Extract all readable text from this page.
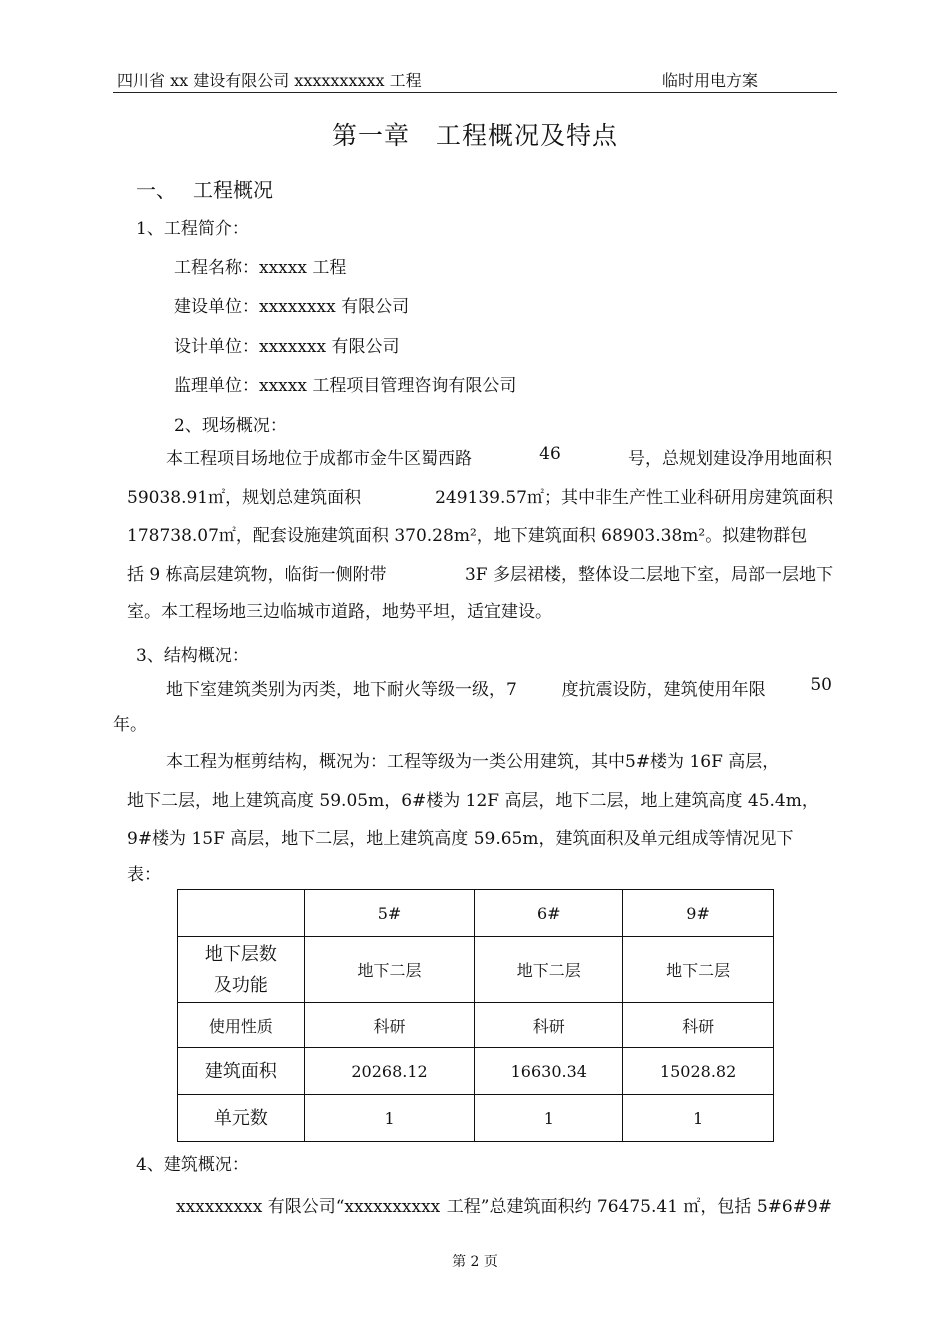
四川省 xx 建设有限公司 xxxxxxxxxx 工程	临时用电方案
第一章　工程概况及特点
一、 工程概况
1、工程简介：
工程名称：xxxxx 工程
建设单位：xxxxxxxx 有限公司
设计单位：xxxxxxx 有限公司
监理单位：xxxxx 工程项目管理咨询有限公司
2、现场概况：
本工程项目场地位于成都市金牛区蜀西路	46	号，总规划建设净用地面积
59038.91㎡，规划总建筑面积	249139.57㎡；其中非生产性工业科研用房建筑面积
178738.07㎡，配套设施建筑面积 370.28m²，地下建筑面积 68903.38m²。拟建物群包
括 9 栋高层建筑物，临街一侧附带	3F 多层裙楼，整体设二层地下室，局部一层地下
室。本工程场地三边临城市道路，地势平坦，适宜建设。
3、结构概况：
地下室建筑类别为丙类，地下耐火等级一级，7	度抗震设防，建筑使用年限	50
年。
本工程为框剪结构，概况为：工程等级为一类公用建筑，其中5#楼为 16F 高层，
地下二层，地上建筑高度 59.05m，6#楼为 12F 高层，地下二层，地上建筑高度 45.4m，
9#楼为 15F 高层，地下二层，地上建筑高度 59.65m，建筑面积及单元组成等情况见下
表：
	5#	6#	9#
地下层数
及功能	地下二层	地下二层	地下二层
使用性质	科研	科研	科研
建筑面积	20268.12	16630.34	15028.82
单元数	1	1	1
4、建筑概况：
xxxxxxxxx 有限公司“xxxxxxxxxx 工程”总建筑面积约 76475.41 ㎡，包括 5#6#9#
第 2 页
